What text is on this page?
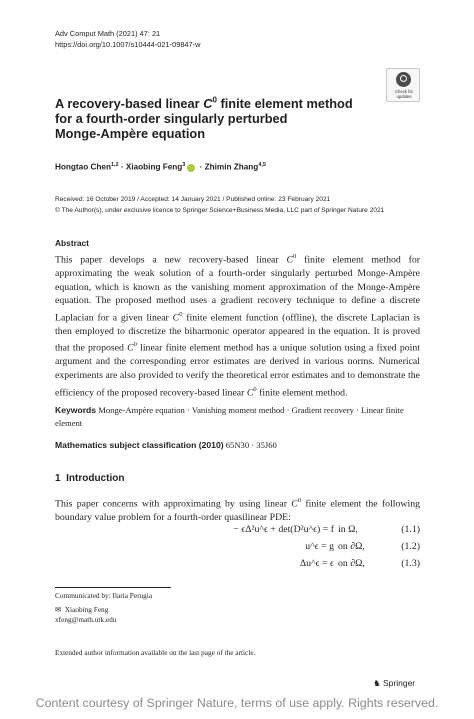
Adv Comput Math (2021) 47: 21
https://doi.org/10.1007/s10444-021-09847-w
Check for
updates
A recovery-based linear $C^0$ finite element method
for a fourth-order singularly perturbed
Monge-Ampère equation
Hongtao Chen$^{1,2}$ · Xiaobing Feng$^3$ · Zhimin Zhang$^{4,5}$
Received: 16 October 2019 / Accepted: 14 January 2021 / Published online: 23 February 2021
© The Author(s), under exclusive licence to Springer Science+Business Media, LLC part of Springer Nature 2021
Abstract
This paper develops a new recovery-based linear $C^0$ finite element method for approximating the weak solution of a fourth-order singularly perturbed Monge-Ampère equation, which is known as the vanishing moment approximation of the Monge-Ampère equation. The proposed method uses a gradient recovery technique to define a discrete Laplacian for a given linear $C^0$ finite element function (offline), the discrete Laplacian is then employed to discretize the biharmonic operator appeared in the equation. It is proved that the proposed $C^0$ linear finite element method has a unique solution using a fixed point argument and the corresponding error estimates are derived in various norms. Numerical experiments are also provided to verify the theoretical error estimates and to demonstrate the efficiency of the proposed recovery-based linear $C^0$ finite element method.
Keywords Monge-Ampère equation · Vanishing moment method · Gradient recovery · Linear finite element
Mathematics subject classification (2010) 65N30 · 35J60
1 Introduction
This paper concerns with approximating by using linear $C^0$ finite element the following boundary value problem for a fourth-order quasilinear PDE:
− ϵΔ²u^ϵ + det(D²u^ϵ) = f in Ω,	(1.1)
u^ϵ = g on ∂Ω,	(1.2)
Δu^ϵ = ϵ on ∂Ω,	(1.3)
Communicated by: Ilaria Perugia
✉ Xiaobing Feng
xfeng@math.utk.edu
Extended author information available on the last page of the article.
♞ Springer
Content courtesy of Springer Nature, terms of use apply. Rights reserved.
